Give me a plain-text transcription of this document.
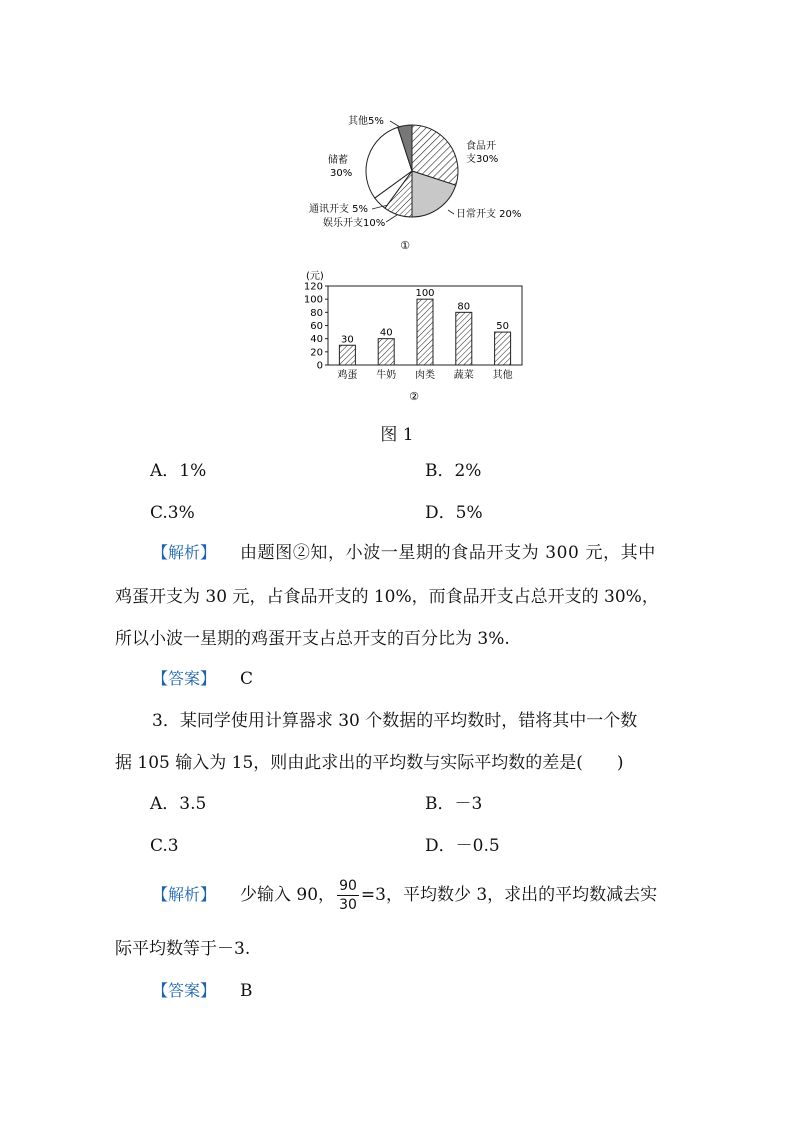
其他5%
食品开
支30%
储蓄
30%
通讯开支 5%
娱乐开支10%
日常开支 20%
①
(元)
0
20
40
60
80
100
120
30
鸡蛋
40
牛奶
100
肉类
80
蔬菜
50
其他
②
图 1
A．1%	B．2%
C.3%	D．5%
【解析】 由题图②知，小波一星期的食品开支为 300 元，其中
鸡蛋开支为 30 元，占食品开支的 10%，而食品开支占总开支的 30%，
所以小波一星期的鸡蛋开支占总开支的百分比为 3%.
【答案】 C
3．某同学使用计算器求 30 个数据的平均数时，错将其中一个数
据 105 输入为 15，则由此求出的平均数与实际平均数的差是(　　)
A．3.5	B．－3
C.3	D．－0.5
【解析】 少输入 90， $\frac{90}{30} =3$，平均数少 3，求出的平均数减去实
际平均数等于－3.
【答案】 B
